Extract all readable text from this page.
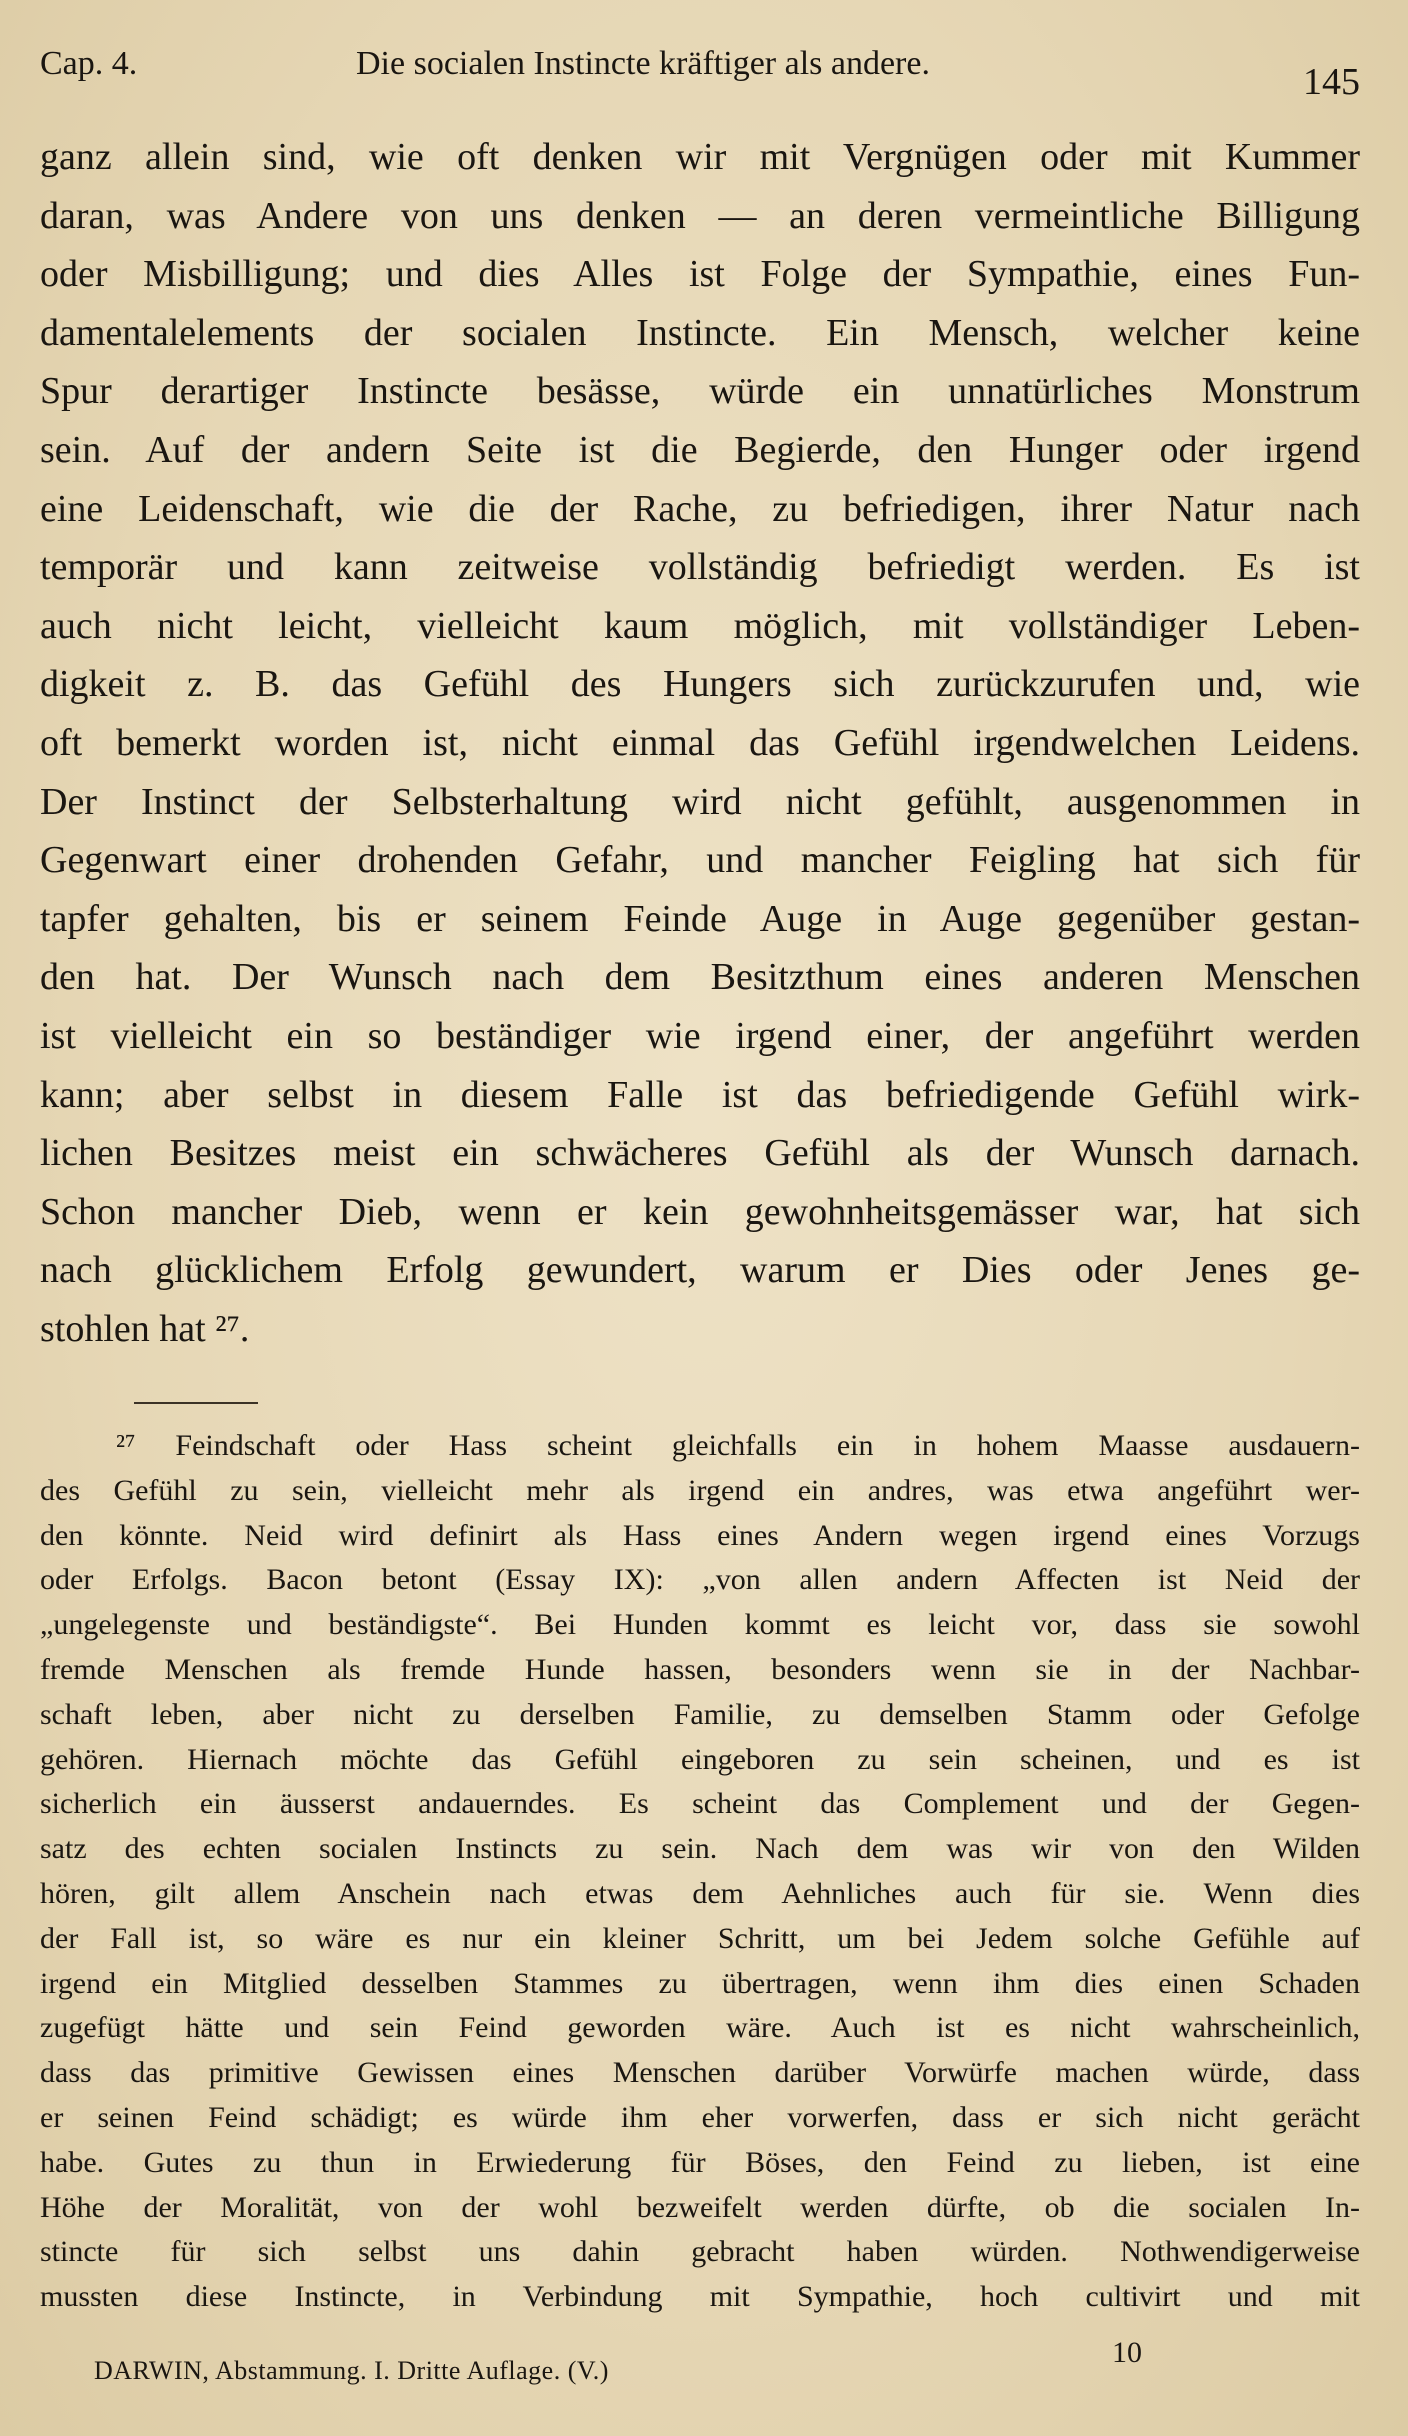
Cap. 4.	Die socialen Instincte kräftiger als andere.	145
ganz allein sind, wie oft denken wir mit Vergnügen oder mit Kummer
daran, was Andere von uns denken — an deren vermeintliche Billigung
oder Misbilligung; und dies Alles ist Folge der Sympathie, eines Fun-
damentalelements der socialen Instincte. Ein Mensch, welcher keine
Spur derartiger Instincte besässe, würde ein unnatürliches Monstrum
sein. Auf der andern Seite ist die Begierde, den Hunger oder irgend
eine Leidenschaft, wie die der Rache, zu befriedigen, ihrer Natur nach
temporär und kann zeitweise vollständig befriedigt werden. Es ist
auch nicht leicht, vielleicht kaum möglich, mit vollständiger Leben-
digkeit z. B. das Gefühl des Hungers sich zurückzurufen und, wie
oft bemerkt worden ist, nicht einmal das Gefühl irgendwelchen Leidens.
Der Instinct der Selbsterhaltung wird nicht gefühlt, ausgenommen in
Gegenwart einer drohenden Gefahr, und mancher Feigling hat sich für
tapfer gehalten, bis er seinem Feinde Auge in Auge gegenüber gestan-
den hat. Der Wunsch nach dem Besitzthum eines anderen Menschen
ist vielleicht ein so beständiger wie irgend einer, der angeführt werden
kann; aber selbst in diesem Falle ist das befriedigende Gefühl wirk-
lichen Besitzes meist ein schwächeres Gefühl als der Wunsch darnach.
Schon mancher Dieb, wenn er kein gewohnheitsgemässer war, hat sich
nach glücklichem Erfolg gewundert, warum er Dies oder Jenes ge-
stohlen hat ²⁷.
²⁷ Feindschaft oder Hass scheint gleichfalls ein in hohem Maasse ausdauern-
des Gefühl zu sein, vielleicht mehr als irgend ein andres, was etwa angeführt wer-
den könnte. Neid wird definirt als Hass eines Andern wegen irgend eines Vorzugs
oder Erfolgs. Bacon betont (Essay IX): „von allen andern Affecten ist Neid der
„ungelegenste und beständigste“. Bei Hunden kommt es leicht vor, dass sie sowohl
fremde Menschen als fremde Hunde hassen, besonders wenn sie in der Nachbar-
schaft leben, aber nicht zu derselben Familie, zu demselben Stamm oder Gefolge
gehören. Hiernach möchte das Gefühl eingeboren zu sein scheinen, und es ist
sicherlich ein äusserst andauerndes. Es scheint das Complement und der Gegen-
satz des echten socialen Instincts zu sein. Nach dem was wir von den Wilden
hören, gilt allem Anschein nach etwas dem Aehnliches auch für sie. Wenn dies
der Fall ist, so wäre es nur ein kleiner Schritt, um bei Jedem solche Gefühle auf
irgend ein Mitglied desselben Stammes zu übertragen, wenn ihm dies einen Schaden
zugefügt hätte und sein Feind geworden wäre. Auch ist es nicht wahrscheinlich,
dass das primitive Gewissen eines Menschen darüber Vorwürfe machen würde, dass
er seinen Feind schädigt; es würde ihm eher vorwerfen, dass er sich nicht gerächt
habe. Gutes zu thun in Erwiederung für Böses, den Feind zu lieben, ist eine
Höhe der Moralität, von der wohl bezweifelt werden dürfte, ob die socialen In-
stincte für sich selbst uns dahin gebracht haben würden. Nothwendigerweise
mussten diese Instincte, in Verbindung mit Sympathie, hoch cultivirt und mit
DARWIN, Abstammung. I. Dritte Auflage. (V.)
10
